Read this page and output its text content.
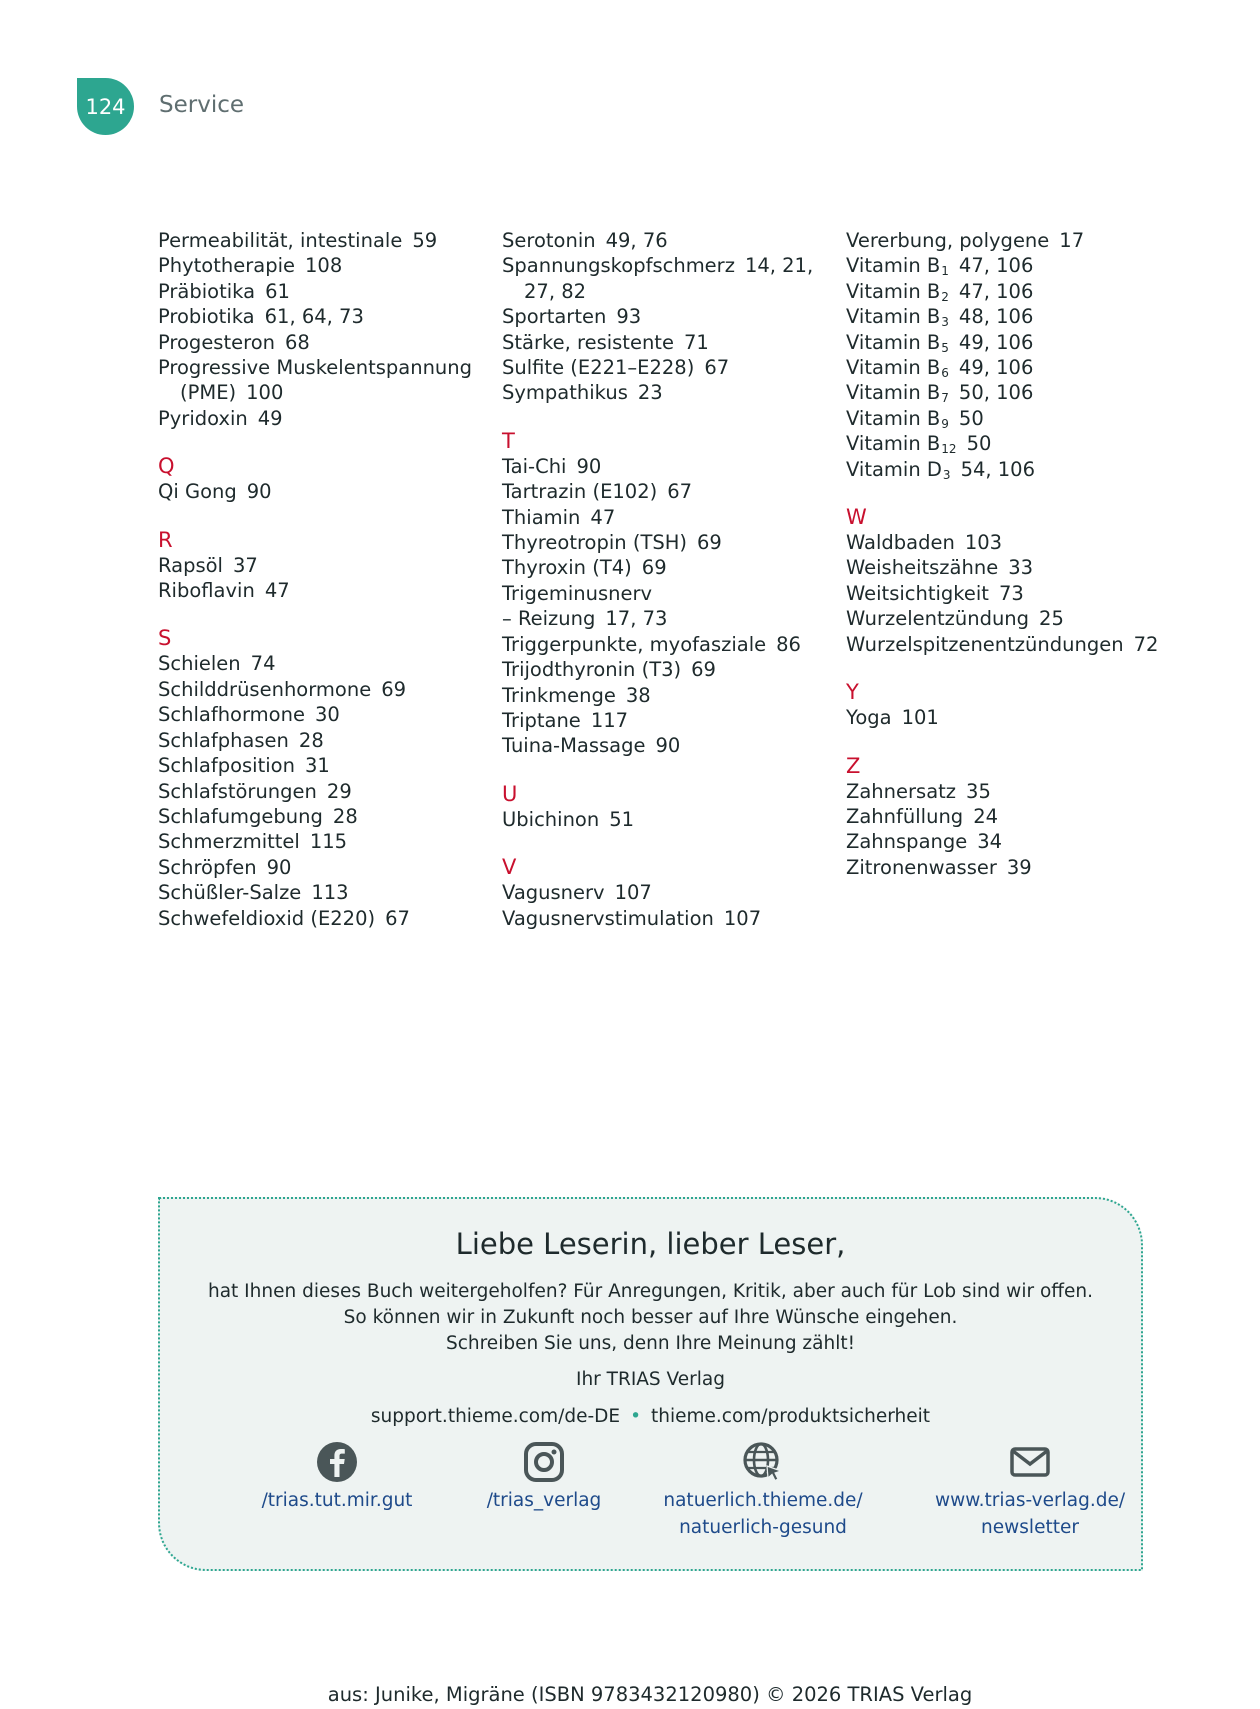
124	Service
Permeabilität, intestinale 59
Phytotherapie 108
Präbiotika 61
Probiotika 61, 64, 73
Progesteron 68
Progressive Muskelentspannung
(PME) 100
Pyridoxin 49
Q
Qi Gong 90
R
Rapsöl 37
Riboflavin 47
S
Schielen 74
Schilddrüsenhormone 69
Schlafhormone 30
Schlafphasen 28
Schlafposition 31
Schlafstörungen 29
Schlafumgebung 28
Schmerzmittel 115
Schröpfen 90
Schüßler-Salze 113
Schwefeldioxid (E220) 67
Serotonin 49, 76
Spannungskopfschmerz 14, 21,
27, 82
Sportarten 93
Stärke, resistente 71
Sulfite (E221–E228) 67
Sympathikus 23
T
Tai-Chi 90
Tartrazin (E102) 67
Thiamin 47
Thyreotropin (TSH) 69
Thyroxin (T4) 69
Trigeminusnerv
– Reizung 17, 73
Triggerpunkte, myofasziale 86
Trijodthyronin (T3) 69
Trinkmenge 38
Triptane 117
Tuina-Massage 90
U
Ubichinon 51
V
Vagusnerv 107
Vagusnervstimulation 107
Vererbung, polygene 17
Vitamin $B_1$ 47, 106
Vitamin $B_2$ 47, 106
Vitamin $B_3$ 48, 106
Vitamin $B_5$ 49, 106
Vitamin $B_6$ 49, 106
Vitamin $B_7$ 50, 106
Vitamin $B_9$ 50
Vitamin $B_{12}$ 50
Vitamin $D_3$ 54, 106
W
Waldbaden 103
Weisheitszähne 33
Weitsichtigkeit 73
Wurzelentzündung 25
Wurzelspitzenentzündungen 72
Y
Yoga 101
Z
Zahnersatz 35
Zahnfüllung 24
Zahnspange 34
Zitronenwasser 39
Liebe Leserin, lieber Leser,
hat Ihnen dieses Buch weitergeholfen? Für Anregungen, Kritik, aber auch für Lob sind wir offen.
So können wir in Zukunft noch besser auf Ihre Wünsche eingehen.
Schreiben Sie uns, denn Ihre Meinung zählt!
Ihr TRIAS Verlag
support.thieme.com/de-DE • thieme.com/produktsicherheit
/trias.tut.mir.gut	/trias_verlag	natuerlich.thieme.de/
natuerlich-gesund
www.trias-verlag.de/
newsletter
aus: Junike, Migräne (ISBN 9783432120980) © 2026 TRIAS Verlag
